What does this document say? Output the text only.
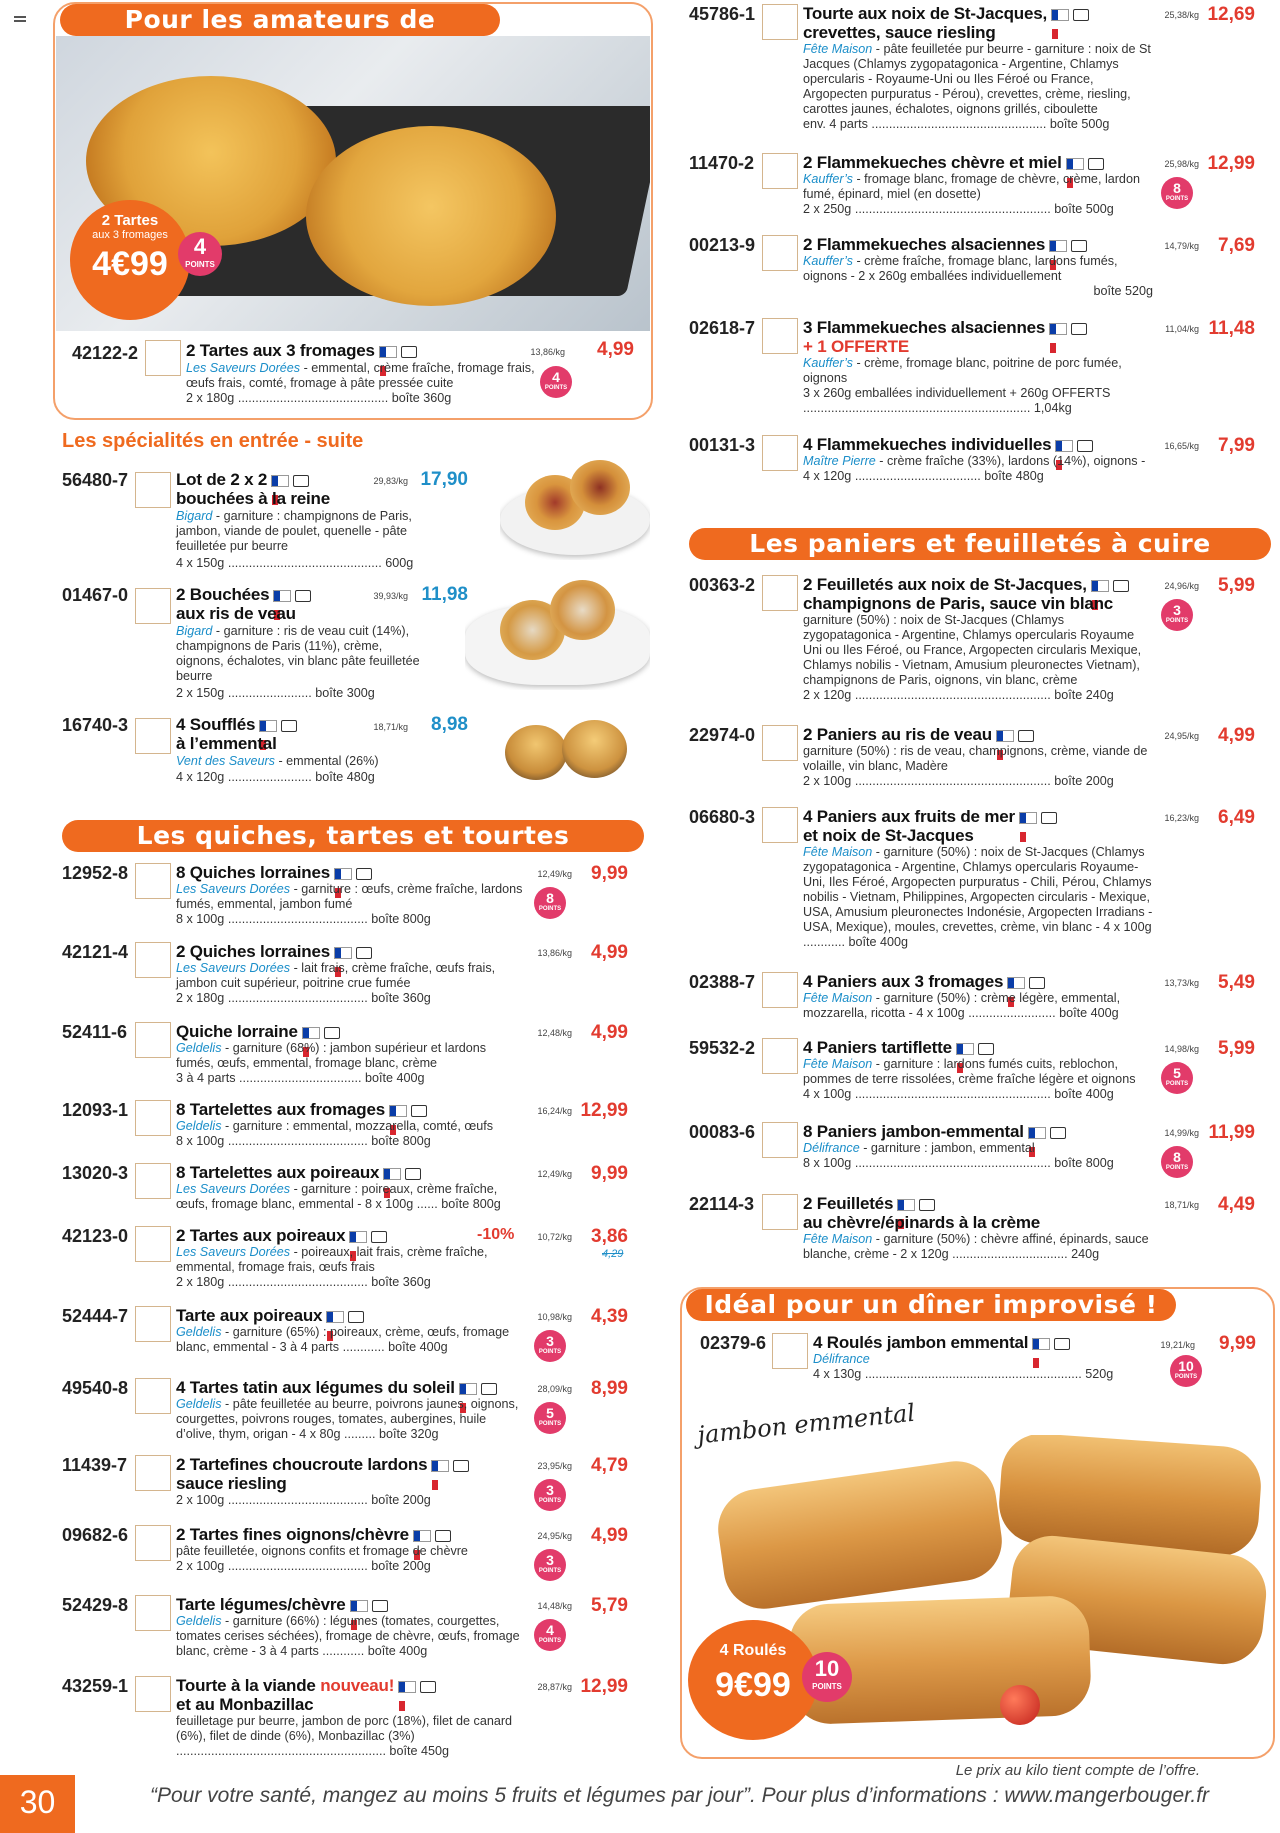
Pour les amateurs de
2 Tartes
aux 3 fromages
4€99	4
POINTS
42122-2	2 Tartes aux 3 fromages
Les Saveurs Dorées - emmental, crème fraîche, fromage frais, œufs frais, comté, fromage à pâte pressée cuite
2 x 180g ........................................... boîte 360g
13,86/kg	4,99
4
POINTS
Les spécialités en entrée - suite
56480-7	Lot de 2 x 2
bouchées à la reine
Bigard - garniture : champignons de Paris, jambon, viande de poulet, quenelle - pâte feuilletée pur beurre
4 x 150g ............................................ 600g
29,83/kg 17,90
01467-0	2 Bouchées
aux ris de veau
Bigard - garniture : ris de veau cuit (14%), champignons de Paris (11%), crème, oignons, échalotes, vin blanc pâte feuilletée beurre
2 x 150g ........................ boîte 300g
39,93/kg 11,98
16740-3	4 Soufflés
à l’emmental
Vent des Saveurs - emmental (26%)
4 x 120g ........................ boîte 480g
18,71/kg	8,98
Les quiches, tartes et tourtes
12952-8	8 Quiches lorraines
Les Saveurs Dorées - garniture : œufs, crème fraîche, lardons fumés, emmental, jambon fumé
8 x 100g ........................................ boîte 800g
12,49/kg	9,99
8
POINTS
42121-4	2 Quiches lorraines
Les Saveurs Dorées - lait frais, crème fraîche, œufs frais, jambon cuit supérieur, poitrine crue fumée
2 x 180g ........................................ boîte 360g
13,86/kg	4,99
52411-6	Quiche lorraine
Geldelis - garniture (68%) : jambon supérieur et lardons fumés, œufs, emmental, fromage blanc, crème
3 à 4 parts ................................... boîte 400g
12,48/kg	4,99
12093-1	8 Tartelettes aux fromages
Geldelis - garniture : emmental, mozzarella, comté, œufs
8 x 100g ........................................ boîte 800g
16,24/kg 12,99
13020-3	8 Tartelettes aux poireaux
Les Saveurs Dorées - garniture : poireaux, crème fraîche, œufs, fromage blanc, emmental - 8 x 100g ...... boîte 800g
12,49/kg	9,99
42123-0	2 Tartes aux poireaux
Les Saveurs Dorées - poireaux, lait frais, crème fraîche, emmental, fromage frais, œufs frais
2 x 180g ........................................ boîte 360g
10,72/kg
-10%	3,86
4,29
52444-7	Tarte aux poireaux
Geldelis - garniture (65%) : poireaux, crème, œufs, fromage blanc, emmental - 3 à 4 parts ............ boîte 400g
10,98/kg	4,39
3
POINTS
49540-8	4 Tartes tatin aux légumes du soleil
Geldelis - pâte feuilletée au beurre, poivrons jaunes, oignons, courgettes, poivrons rouges, tomates, aubergines, huile d’olive, thym, origan - 4 x 80g ......... boîte 320g
28,09/kg	8,99
5
POINTS
11439-7	2 Tartefines choucroute lardons
sauce riesling
2 x 100g ........................................ boîte 200g
23,95/kg	4,79
3
POINTS
09682-6	2 Tartes fines oignons/chèvre
pâte feuilletée, oignons confits et fromage de chèvre
2 x 100g ........................................ boîte 200g
24,95/kg	4,99
3
POINTS
52429-8	Tarte légumes/chèvre
Geldelis - garniture (66%) : légumes (tomates, courgettes, tomates cerises séchées), fromage de chèvre, œufs, fromage blanc, crème - 3 à 4 parts ............ boîte 400g
14,48/kg	5,79
4
POINTS
43259-1	Tourte à la viande nouveau!
et au Monbazillac
feuilletage pur beurre, jambon de porc (18%), filet de canard (6%), filet de dinde (6%), Monbazillac (3%)
............................................................ boîte 450g
28,87/kg 12,99
45786-1	Tourte aux noix de St-Jacques,
crevettes, sauce riesling
Fête Maison - pâte feuilletée pur beurre - garniture : noix de St Jacques (Chlamys zygopatagonica - Argentine, Chlamys opercularis - Royaume-Uni ou Iles Féroé ou France, Argopecten purpuratus - Pérou), crevettes, crème, riesling, carottes jaunes, échalotes, oignons grillés, ciboulette
env. 4 parts .................................................. boîte 500g
25,38/kg 12,69
11470-2	2 Flammekueches chèvre et miel
Kauffer’s - fromage blanc, fromage de chèvre, crème, lardon fumé, épinard, miel (en dosette)
2 x 250g ........................................................ boîte 500g
25,98/kg 12,99
8
POINTS
00213-9	2 Flammekueches alsaciennes
Kauffer’s - crème fraîche, fromage blanc, lardons fumés, oignons - 2 x 260g emballées individuellement
boîte 520g
14,79/kg	7,69
02618-7	3 Flammekueches alsaciennes
+ 1 OFFERTE
Kauffer’s - crème, fromage blanc, poitrine de porc fumée, oignons
3 x 260g emballées individuellement + 260g OFFERTS
................................................................. 1,04kg
11,04/kg 11,48
00131-3	4 Flammekueches individuelles
Maître Pierre - crème fraîche (33%), lardons (14%), oignons - 4 x 120g .................................... boîte 480g
16,65/kg	7,99
Les paniers et feuilletés à cuire
00363-2	2 Feuilletés aux noix de St-Jacques,
champignons de Paris, sauce vin blanc
garniture (50%) : noix de St-Jacques (Chlamys zygopatagonica - Argentine, Chlamys opercularis Royaume Uni ou Iles Féroé, ou France, Argopecten circularis Mexique, Chlamys nobilis - Vietnam, Amusium pleuronectes Vietnam), champignons de Paris, oignons, vin blanc, crème
2 x 120g ........................................................ boîte 240g
24,96/kg	5,99
3
POINTS
22974-0	2 Paniers au ris de veau
garniture (50%) : ris de veau, champignons, crème, viande de volaille, vin blanc, Madère
2 x 100g ........................................................ boîte 200g
24,95/kg	4,99
06680-3	4 Paniers aux fruits de mer
et noix de St-Jacques
Fête Maison - garniture (50%) : noix de St-Jacques (Chlamys zygopatagonica - Argentine, Chlamys opercularis Royaume-Uni, Iles Féroé, Argopecten purpuratus - Chili, Pérou, Chlamys nobilis - Vietnam, Philippines, Argopecten circularis - Mexique, USA, Amusium pleuronectes Indonésie, Argopecten Irradians - USA, Mexique), moules, crevettes, crème, vin blanc - 4 x 100g ............ boîte 400g
16,23/kg	6,49
02388-7	4 Paniers aux 3 fromages
Fête Maison - garniture (50%) : crème légère, emmental, mozzarella, ricotta - 4 x 100g ......................... boîte 400g
13,73/kg	5,49
59532-2	4 Paniers tartiflette
Fête Maison - garniture : lardons fumés cuits, reblochon, pommes de terre rissolées, crème fraîche légère et oignons
4 x 100g ........................................................ boîte 400g
14,98/kg	5,99
5
POINTS
00083-6	8 Paniers jambon-emmental
Délifrance - garniture : jambon, emmental
8 x 100g ........................................................ boîte 800g
14,99/kg 11,99
8
POINTS
22114-3	2 Feuilletés
au chèvre/épinards à la crème
Fête Maison - garniture (50%) : chèvre affiné, épinards, sauce blanche, crème - 2 x 120g ................................. 240g
18,71/kg	4,49
Idéal pour un dîner improvisé !
02379-6	4 Roulés jambon emmental
Délifrance
4 x 130g .............................................................. 520g
19,21/kg	9,99
10
POINTS
jambon emmental
4 Roulés
9€99	10
POINTS
Le prix au kilo tient compte de l’offre.
30	“Pour votre santé, mangez au moins 5 fruits et légumes par jour”. Pour plus d’informations : www.mangerbouger.fr
